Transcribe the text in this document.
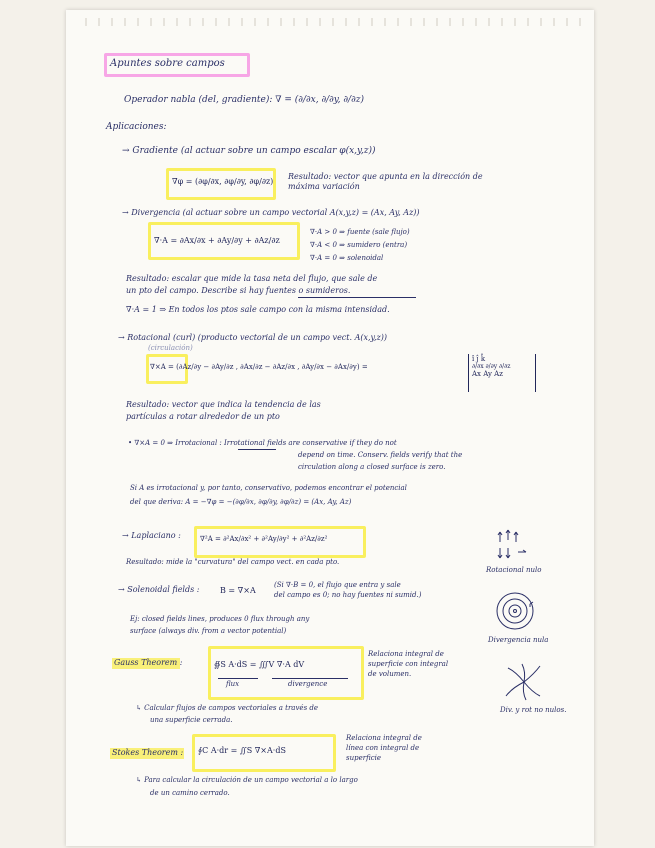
Apuntes sobre campos
Operador nabla (del, gradiente): ∇ = (∂/∂x, ∂/∂y, ∂/∂z)
Aplicaciones:
→ Gradiente (al actuar sobre un campo escalar φ(x,y,z))
∇φ = (∂φ/∂x, ∂φ/∂y, ∂φ/∂z)
Resultado: vector que apunta en la dirección de máxima variación
→ Divergencia (al actuar sobre un campo vectorial A(x,y,z) = (Ax, Ay, Az))
∇·A = ∂Ax/∂x + ∂Ay/∂y + ∂Az/∂z
∇·A > 0 ⇒ fuente (sale flujo)
∇·A < 0 ⇒ sumidero (entra)
∇·A = 0 ⇒ solenoidal
Resultado: escalar que mide la tasa neta del flujo, que sale de
un pto del campo. Describe si hay fuentes o sumideros.
∇·A = 1 ⇒ En todos los ptos sale campo con la misma intensidad.
→ Rotacional (curl) (producto vectorial de un campo vect. A(x,y,z))
(circulación)
∇×A = (∂Az/∂y − ∂Ay/∂z , ∂Ax/∂z − ∂Az/∂x , ∂Ay/∂x − ∂Ax/∂y) =
î ĵ k̂
∂/∂x ∂/∂y ∂/∂z
Ax Ay Az
Resultado: vector que indica la tendencia de las
partículas a rotar alrededor de un pto
• ∇×A = 0 ⇒ Irrotacional : Irrotational fields are conservative if they do not
depend on time. Conserv. fields verify that the
circulation along a closed surface is zero.
Si A es irrotacional y, por tanto, conservativo, podemos encontrar el potencial
del que deriva: A = −∇φ = −(∂φ/∂x, ∂φ/∂y, ∂φ/∂z) = (Ax, Ay, Az)
→ Laplaciano :	∇²A = ∂²Ax/∂x² + ∂²Ay/∂y² + ∂²Az/∂z²
Resultado: mide la "curvatura" del campo vect. en cada pto.
→ Solenoidal fields :	B = ∇×A
(Si ∇·B = 0, el flujo que entra y sale
del campo es 0; no hay fuentes ni sumid.)
Ej: closed fields lines, produces 0 flux through any
surface (always div. from a vector potential)
Gauss Theorem :	∯S A·dS = ∭V ∇·A dV
flux	divergence
Relaciona integral de
superficie con integral
de volumen.
↳ Calcular flujos de campos vectoriales a través de
una superficie cerrada.
Stokes Theorem : ∮C A·dr = ∬S ∇×A·dS
Relaciona integral de
línea con integral de
superficie
↳ Para calcular la circulación de un campo vectorial a lo largo
de un camino cerrado.
Rotacional nulo
Divergencia nula
Div. y rot no nulos.
